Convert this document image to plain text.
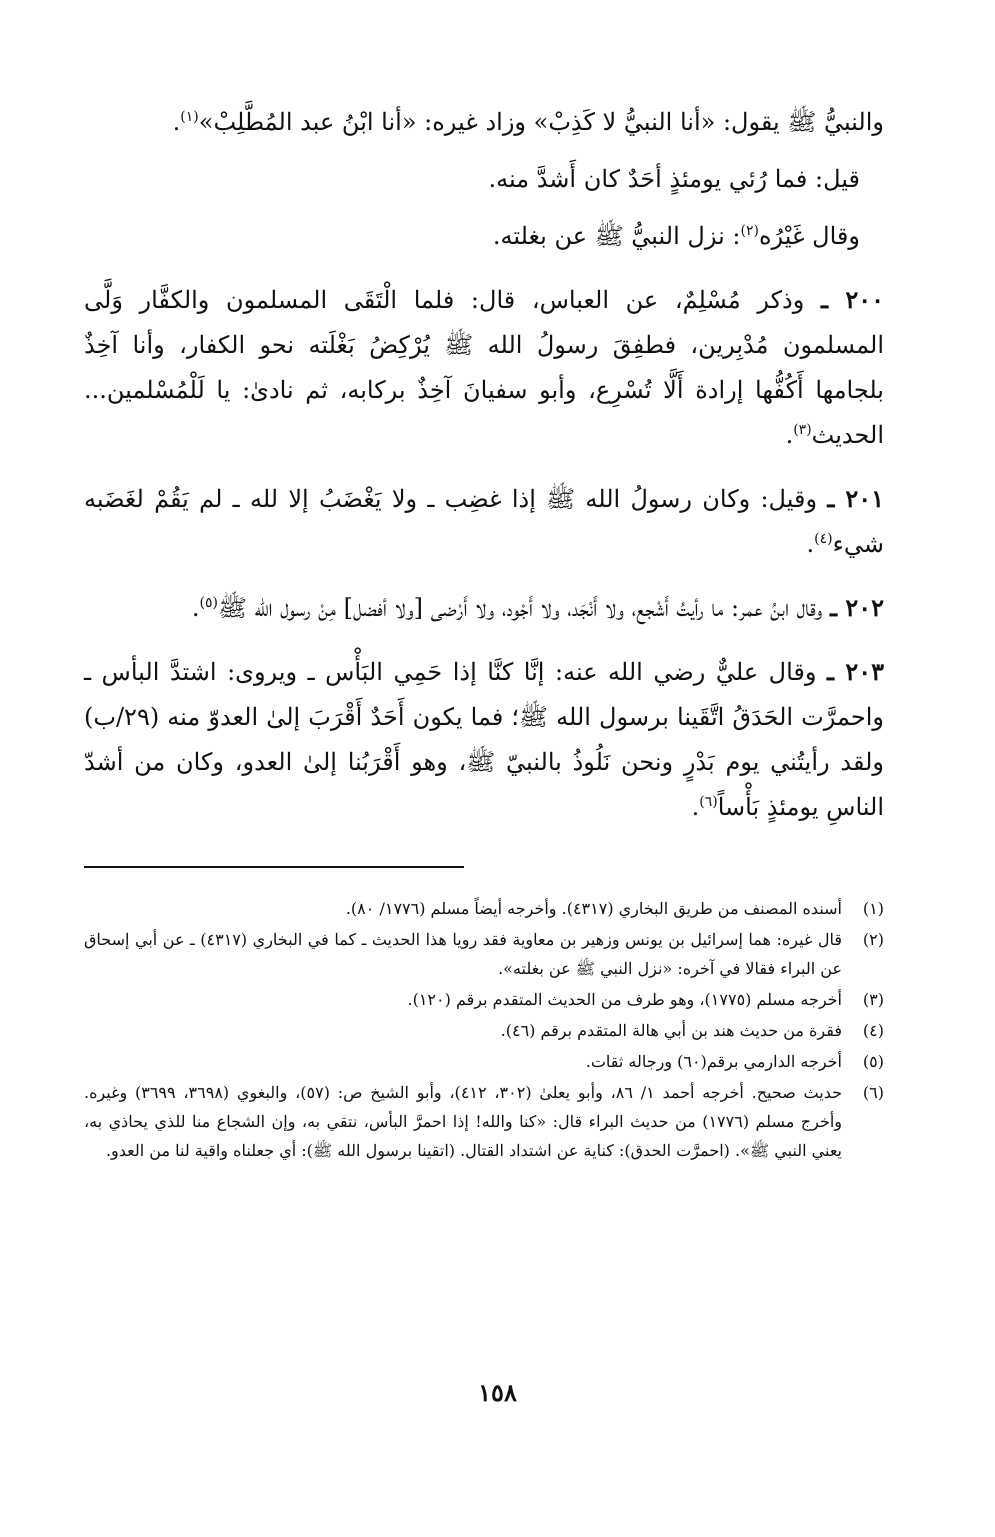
والنبيُّ ﷺ يقول: «أنا النبيُّ لا كَذِبْ» وزاد غيره: «أنا ابْنُ عبد المُطَّلِبْ»$^{(١)}$.

قيل: فما رُئي يومئذٍ أحَدٌ كان أَشدَّ منه.

وقال غَيْرُه$^{(٢)}$: نزل النبيُّ ﷺ عن بغلته.

٢٠٠ ـ وذكر مُسْلِمٌ، عن العباس، قال: فلما الْتَقَى المسلمون والكفَّار وَلَّى المسلمون مُدْبِرين، فطفِقَ رسولُ الله ﷺ يُرْكِضُ بَغْلَته نحو الكفار، وأنا آخِذٌ بلجامها أَكُفُّها إرادة أَلَّا تُسْرِع، وأبو سفيانَ آخِذٌ بركابه، ثم نادىٰ: يا لَلْمُسْلمين... الحديث$^{(٣)}$.

٢٠١ ـ وقيل: وكان رسولُ الله ﷺ إذا غضِب ـ ولا يَغْضَبُ إلا لله ـ لم يَقُمْ لغَضَبه شيء$^{(٤)}$.

٢٠٢ ـ وقال ابنُ عمر: ما رأيتُ أَشْجع، ولا أَنْجَد، ولا أَجْود، ولا أَرْضى [ولا أفضل] مِنْ رسول الله ﷺ$^{(٥)}$.

٢٠٣ ـ وقال عليٌّ رضي الله عنه: إنَّا كنَّا إذا حَمِي البَأْس ـ ويروى: اشتدَّ البأس ـ واحمرَّت الحَدَقُ اتَّقَينا برسول الله ﷺ؛ فما يكون أَحَدٌ أَقْرَبَ إلىٰ العدوّ منه (٢٩/ب) ولقد رأيتُني يوم بَدْرٍ ونحن نَلُوذُ بالنبيّ ﷺ، وهو أَقْرَبُنا إلىٰ العدو، وكان من أشدّ الناسِ يومئذٍ بَأْساً$^{(٦)}$.

(١)
أسنده المصنف من طريق البخاري (٤٣١٧). وأخرجه أيضاً مسلم (١٧٧٦/ ٨٠).
(٢)
قال غيره: هما إسرائيل بن يونس وزهير بن معاوية فقد رويا هذا الحديث ـ كما في البخاري (٤٣١٧) ـ عن أبي إسحاق عن البراء فقالا في آخره: «نزل النبي ﷺ عن بغلته».
(٣)
أخرجه مسلم (١٧٧٥)، وهو طرف من الحديث المتقدم برقم (١٢٠).
(٤)
فقرة من حديث هند بن أبي هالة المتقدم برقم (٤٦).
(٥)
أخرجه الدارمي برقم(٦٠) ورجاله ثقات.
(٦)
حديث صحيح. أخرجه أحمد ١/ ٨٦، وأبو يعلىٰ (٣٠٢، ٤١٢)، وأبو الشيخ ص: (٥٧)، والبغوي (٣٦٩٨، ٣٦٩٩) وغيره. وأخرج مسلم (١٧٧٦) من حديث البراء قال: «كنا والله! إذا احمرَّ البأس، نتقي به، وإن الشجاع منا للذي يحاذي به، يعني النبي ﷺ». (احمرَّت الحدق): كناية عن اشتداد القتال. (اتقينا برسول الله ﷺ): أي جعلناه واقية لنا من العدو.
١٥٨
